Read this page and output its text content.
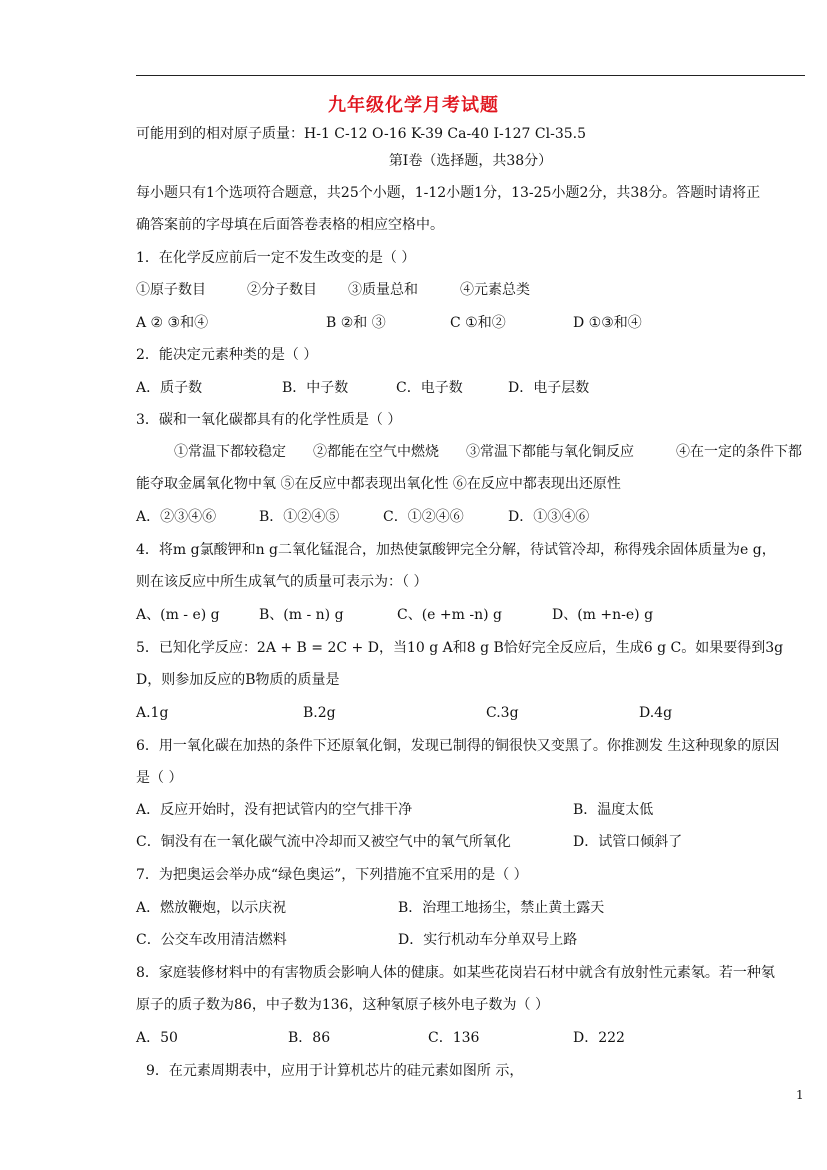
九年级化学月考试题
可能用到的相对原子质量：H-1 C-12 O-16 K-39 Ca-40 I-127 Cl-35.5
第Ⅰ卷（选择题，共38分）
每小题只有1个选项符合题意，共25个小题，1-12小题1分，13-25小题2分，共38分。答题时请将正
确答案前的字母填在后面答卷表格的相应空格中。
1．在化学反应前后一定不发生改变的是（ ）
①原子数目	②分子数目 ③质量总和	④元素总类
A ② ③和④	B ②和 ③	C ①和②	D ①③和④
2．能决定元素种类的是（ ）
A．质子数	B．中子数	C．电子数	D．电子层数
3．碳和一氧化碳都具有的化学性质是（ ）
①常温下都较稳定 ②都能在空气中燃烧 ③常温下都能与氧化铜反应	④在一定的条件下都
能夺取金属氧化物中氧 ⑤在反应中都表现出氧化性 ⑥在反应中都表现出还原性
A．②③④⑥	B．①②④⑤	C．①②④⑥	D．①③④⑥
4．将m g氯酸钾和n g二氧化锰混合，加热使氯酸钾完全分解，待试管冷却，称得残余固体质量为e g，
则在该反应中所生成氧气的质量可表示为：（ ）
A、(m - e) g	B、(m - n) g	C、(e +m -n) g	D、(m +n-e) g
5．已知化学反应：2A + B = 2C + D，当10 g A和8 g B恰好完全反应后，生成6 g C。如果要得到3g
D，则参加反应的B物质的质量是
A.1g	B.2g	C.3g	D.4g
6．用一氧化碳在加热的条件下还原氧化铜，发现已制得的铜很快又变黑了。你推测发 生这种现象的原因
是（ ）
A．反应开始时，没有把试管内的空气排干净	B．温度太低
C．铜没有在一氧化碳气流中冷却而又被空气中的氧气所氧化	D．试管口倾斜了
7．为把奥运会举办成“绿色奥运”，下列措施不宜采用的是（ ）
A．燃放鞭炮，以示庆祝	B．治理工地扬尘，禁止黄土露天
C．公交车改用清洁燃料	D．实行机动车分单双号上路
8．家庭装修材料中的有害物质会影响人体的健康。如某些花岗岩石材中就含有放射性元素氡。若一种氡
原子的质子数为86，中子数为136，这种氡原子核外电子数为（ ）
A．50	B．86	C．136	D．222
9．在元素周期表中，应用于计算机芯片的硅元素如图所 示，
1
